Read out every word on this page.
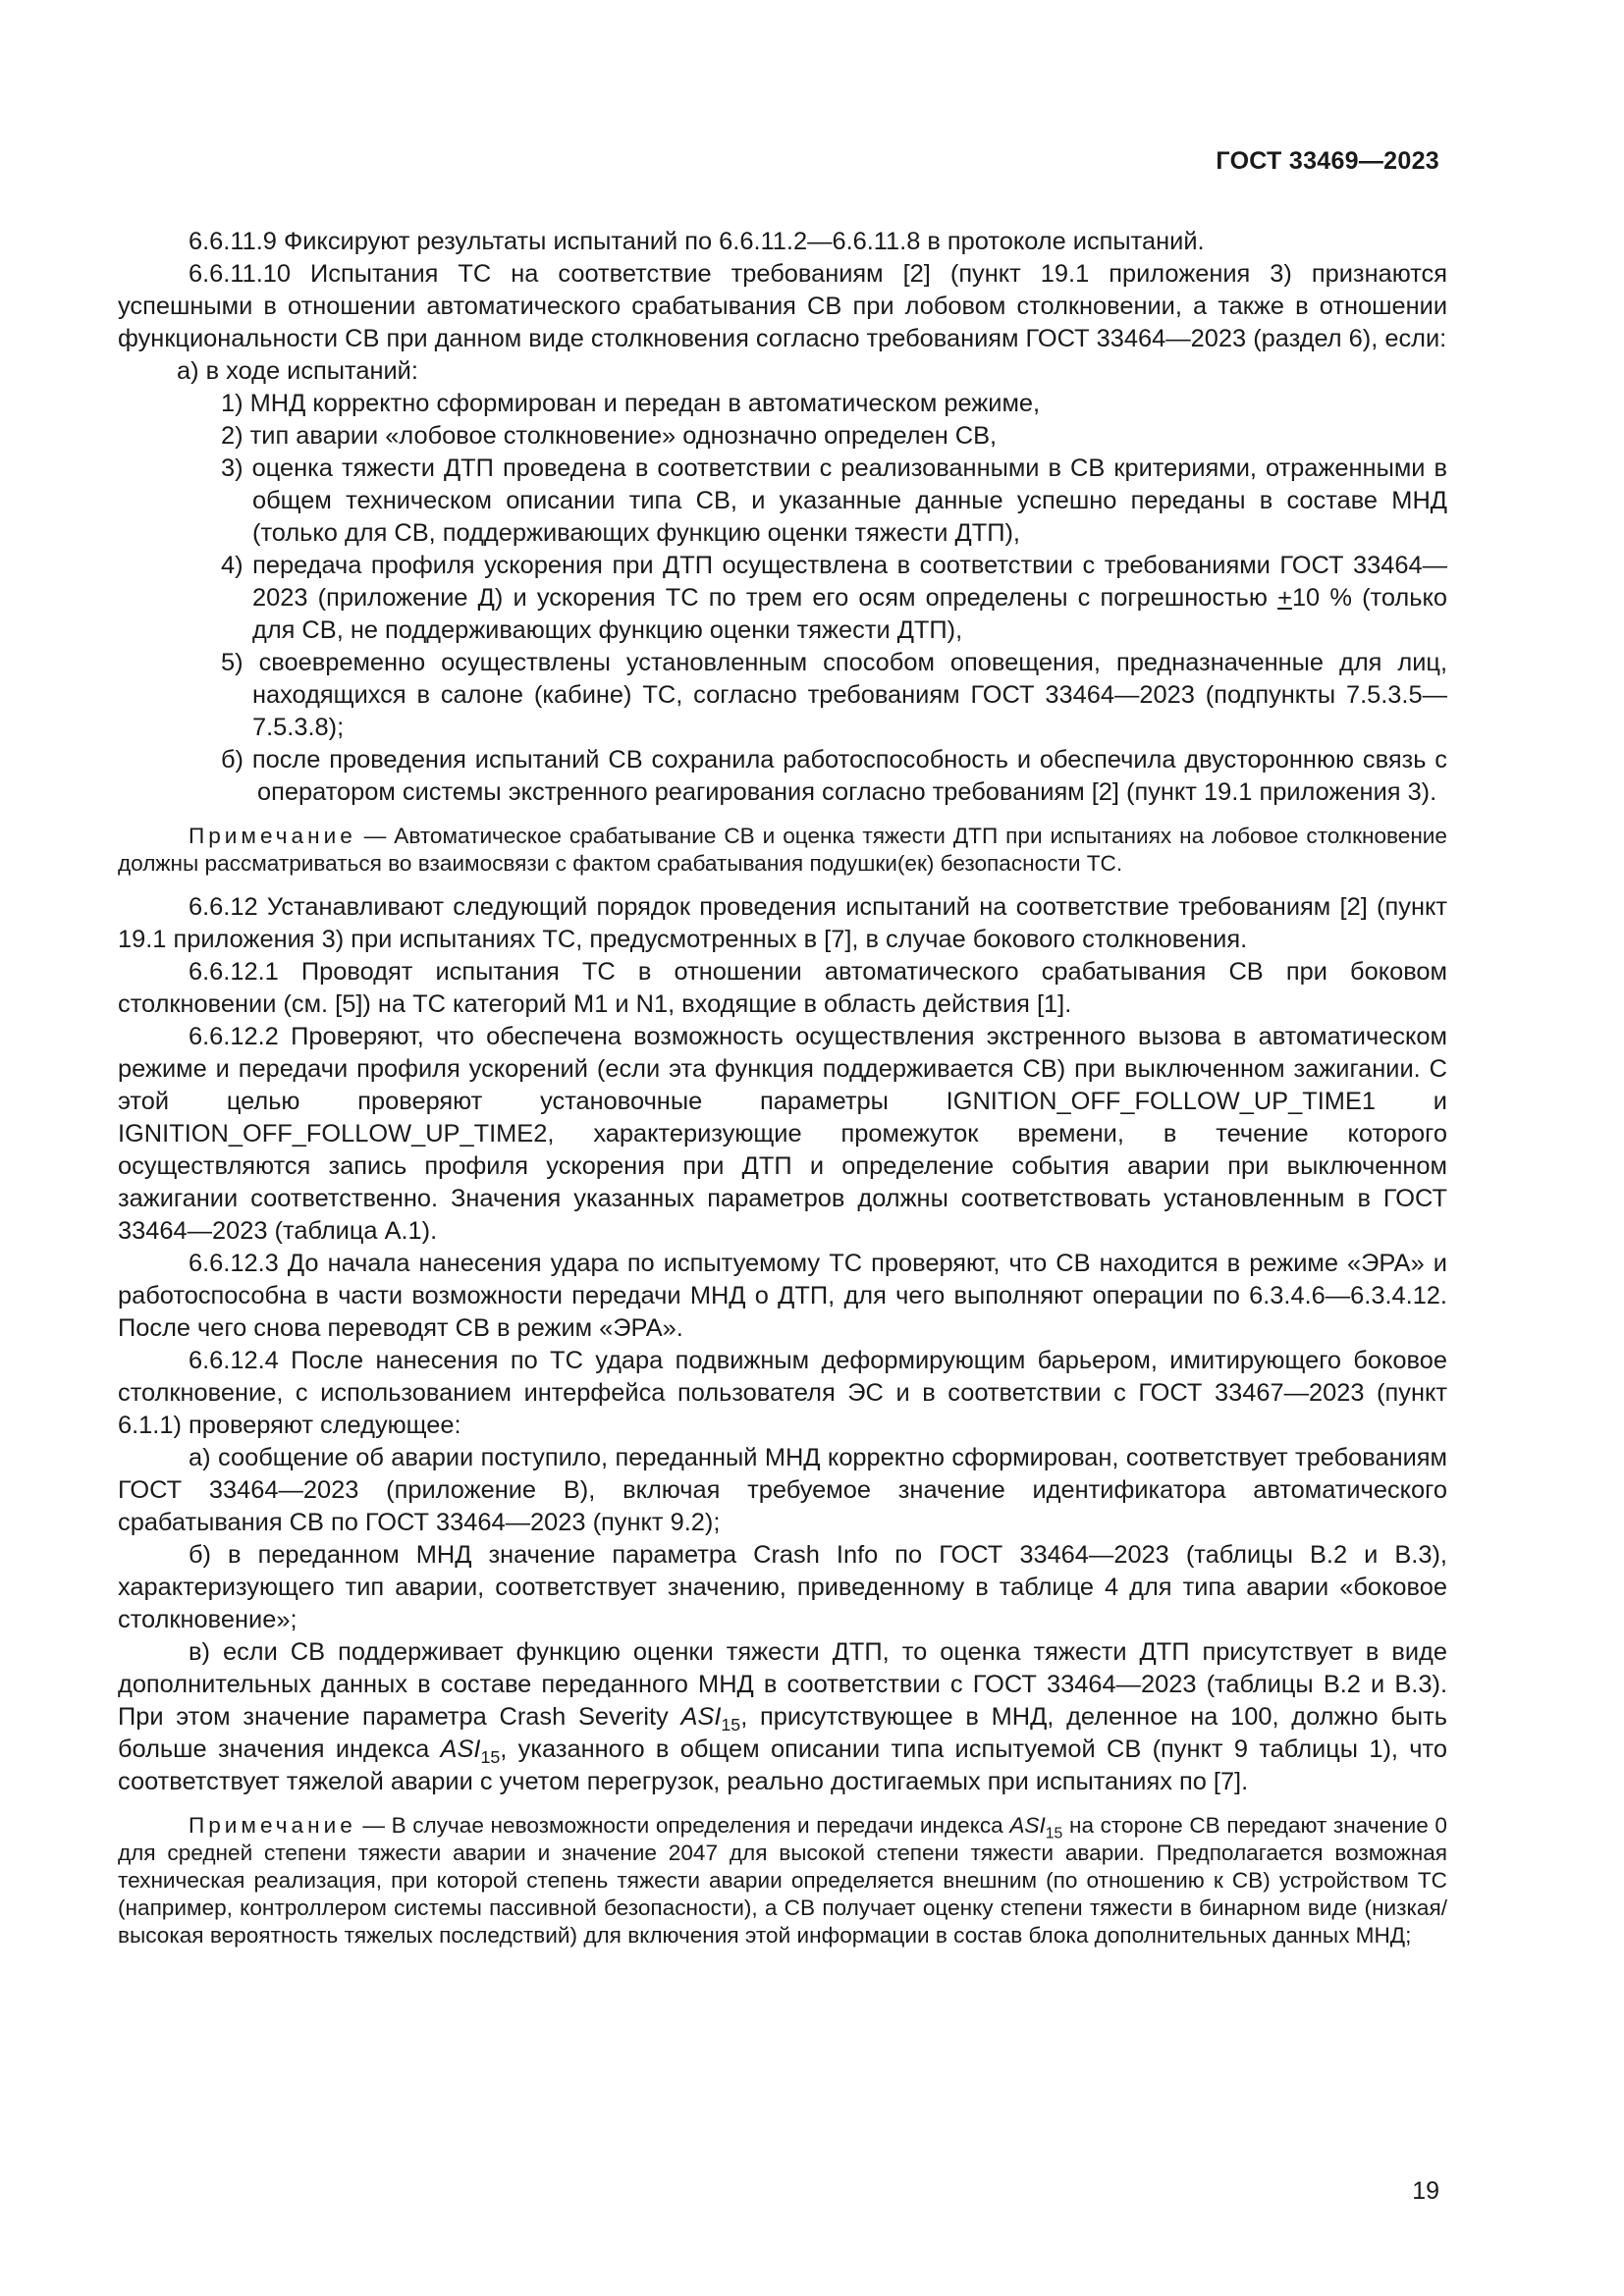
ГОСТ 33469—2023

6.6.11.9 Фиксируют результаты испытаний по 6.6.11.2—6.6.11.8 в протоколе испытаний.

6.6.11.10 Испытания ТС на соответствие требованиям [2] (пункт 19.1 приложения 3) признаются успешными в отношении автоматического срабатывания СВ при лобовом столкновении, а также в отношении функциональности СВ при данном виде столкновения согласно требованиям ГОСТ 33464—2023 (раздел 6), если:

а) в ходе испытаний:

1) МНД корректно сформирован и передан в автоматическом режиме,

2) тип аварии «лобовое столкновение» однозначно определен СВ,

3) оценка тяжести ДТП проведена в соответствии с реализованными в СВ критериями, отраженными в общем техническом описании типа СВ, и указанные данные успешно переданы в составе МНД (только для СВ, поддерживающих функцию оценки тяжести ДТП),

4) передача профиля ускорения при ДТП осуществлена в соответствии с требованиями ГОСТ 33464—2023 (приложение Д) и ускорения ТС по трем его осям определены с погрешностью +10 % (только для СВ, не поддерживающих функцию оценки тяжести ДТП),

5) своевременно осуществлены установленным способом оповещения, предназначенные для лиц, находящихся в салоне (кабине) ТС, согласно требованиям ГОСТ 33464—2023 (подпункты 7.5.3.5—7.5.3.8);

б) после проведения испытаний СВ сохранила работоспособность и обеспечила двустороннюю связь с оператором системы экстренного реагирования согласно требованиям [2] (пункт 19.1 приложения 3).

Примечание — Автоматическое срабатывание СВ и оценка тяжести ДТП при испытаниях на лобовое столкновение должны рассматриваться во взаимосвязи с фактом срабатывания подушки(ек) безопасности ТС.

6.6.12 Устанавливают следующий порядок проведения испытаний на соответствие требованиям [2] (пункт 19.1 приложения 3) при испытаниях ТС, предусмотренных в [7], в случае бокового столкновения.

6.6.12.1 Проводят испытания ТС в отношении автоматического срабатывания СВ при боковом столкновении (см. [5]) на ТС категорий М1 и N1, входящие в область действия [1].

6.6.12.2 Проверяют, что обеспечена возможность осуществления экстренного вызова в автоматическом режиме и передачи профиля ускорений (если эта функция поддерживается СВ) при выключенном зажигании. С этой целью проверяют установочные параметры IGNITION_OFF_FOLLOW_UP_TIME1 и IGNITION_OFF_FOLLOW_UP_TIME2, характеризующие промежуток времени, в течение которого осуществляются запись профиля ускорения при ДТП и определение события аварии при выключенном зажигании соответственно. Значения указанных параметров должны соответствовать установленным в ГОСТ 33464—2023 (таблица А.1).

6.6.12.3 До начала нанесения удара по испытуемому ТС проверяют, что СВ находится в режиме «ЭРА» и работоспособна в части возможности передачи МНД о ДТП, для чего выполняют операции по 6.3.4.6—6.3.4.12. После чего снова переводят СВ в режим «ЭРА».

6.6.12.4 После нанесения по ТС удара подвижным деформирующим барьером, имитирующего боковое столкновение, с использованием интерфейса пользователя ЭС и в соответствии с ГОСТ 33467—2023 (пункт 6.1.1) проверяют следующее:

а) сообщение об аварии поступило, переданный МНД корректно сформирован, соответствует требованиям ГОСТ 33464—2023 (приложение В), включая требуемое значение идентификатора автоматического срабатывания СВ по ГОСТ 33464—2023 (пункт 9.2);

б) в переданном МНД значение параметра Crash Info по ГОСТ 33464—2023 (таблицы В.2 и В.3), характеризующего тип аварии, соответствует значению, приведенному в таблице 4 для типа аварии «боковое столкновение»;

в) если СВ поддерживает функцию оценки тяжести ДТП, то оценка тяжести ДТП присутствует в виде дополнительных данных в составе переданного МНД в соответствии с ГОСТ 33464—2023 (таблицы В.2 и В.3). При этом значение параметра Crash Severity $ASI_{15}$, присутствующее в МНД, деленное на 100, должно быть больше значения индекса $ASI_{15}$, указанного в общем описании типа испытуемой СВ (пункт 9 таблицы 1), что соответствует тяжелой аварии с учетом перегрузок, реально достигаемых при испытаниях по [7].

Примечание — В случае невозможности определения и передачи индекса $ASI_{15}$ на стороне СВ передают значение 0 для средней степени тяжести аварии и значение 2047 для высокой степени тяжести аварии. Предполагается возможная техническая реализация, при которой степень тяжести аварии определяется внешним (по отношению к СВ) устройством ТС (например, контроллером системы пассивной безопасности), а СВ получает оценку степени тяжести в бинарном виде (низкая/высокая вероятность тяжелых последствий) для включения этой информации в состав блока дополнительных данных МНД;

19
